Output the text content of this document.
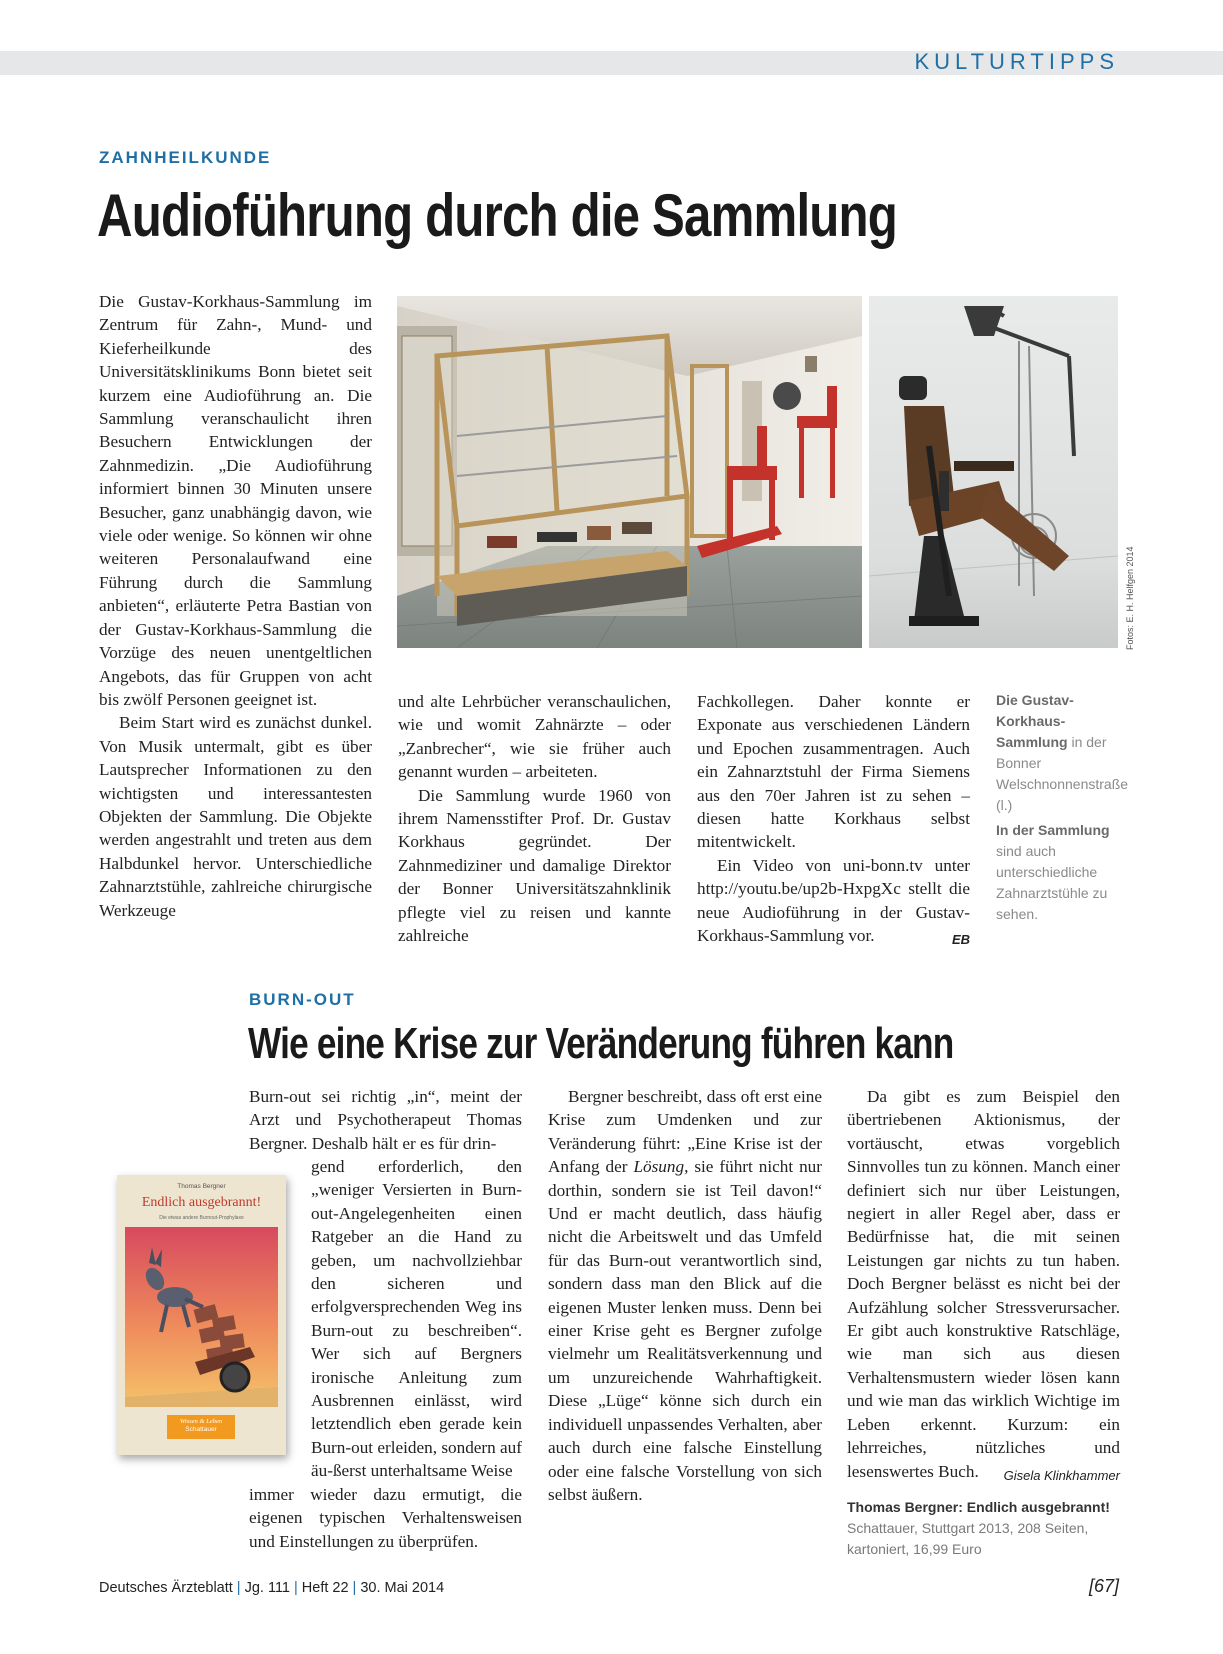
KULTURTIPPS
ZAHNHEILKUNDE
Audioführung durch die Sammlung

Die Gustav-Korkhaus-Sammlung im Zentrum für Zahn-, Mund- und Kieferheilkunde des Universitätsklinikums Bonn bietet seit kurzem eine Audioführung an. Die Sammlung veranschaulicht ihren Besuchern Entwicklungen der Zahnmedizin. „Die Audioführung informiert binnen 30 Minuten unsere Besucher, ganz unabhängig davon, wie viele oder wenige. So können wir ohne weiteren Personalaufwand eine Führung durch die Sammlung anbieten“, erläuterte Petra Bastian von der Gustav-Korkhaus-Sammlung die Vorzüge des neuen unentgeltlichen Angebots, das für Gruppen von acht bis zwölf Personen geeignet ist.

Beim Start wird es zunächst dunkel. Von Musik untermalt, gibt es über Lautsprecher Informationen zu den wichtigsten und interessantesten Objekten der Sammlung. Die Objekte werden angestrahlt und treten aus dem Halbdunkel hervor. Unterschiedliche Zahnarztstühle, zahlreiche chirurgische Werkzeuge

Fotos: E. H. Helfgen 2014

und alte Lehrbücher veranschaulichen, wie und womit Zahnärzte – oder „Zanbrecher“, wie sie früher auch genannt wurden – arbeiteten.

Die Sammlung wurde 1960 von ihrem Namensstifter Prof. Dr. Gustav Korkhaus gegründet. Der Zahnmediziner und damalige Direktor der Bonner Universitätszahnklinik pflegte viel zu reisen und kannte zahlreiche

Fachkollegen. Daher konnte er Exponate aus verschiedenen Ländern und Epochen zusammentragen. Auch ein Zahnarztstuhl der Firma Siemens aus den 70er Jahren ist zu sehen – diesen hatte Korkhaus selbst mitentwickelt.

Ein Video von uni-bonn.tv unter http://youtu.be/up2b-HxpgXc stellt die neue Audioführung in der Gustav-Korkhaus-Sammlung vor.	EB

Die Gustav-Korkhaus-Sammlung in der Bonner Welschnonnenstraße (l.)
In der Sammlung sind auch unterschiedliche Zahnarztstühle zu sehen.
BURN-OUT
Wie eine Krise zur Veränderung führen kann
Burn-out sei richtig „in“, meint der Arzt und Psychotherapeut Thomas Bergner. Deshalb hält er es für drin-
gend erforderlich, den „weniger Versierten in Burn-out-Angelegenheiten einen Ratgeber an die Hand zu geben, um nachvollziehbar den sicheren und erfolgversprechenden Weg ins Burn-out zu beschreiben“. Wer sich auf Bergners ironische Anleitung zum Ausbrennen einlässt, wird letztendlich eben gerade kein Burn-out erleiden, sondern auf äu-ßerst unterhaltsame Weise
immer wieder dazu ermutigt, die eigenen typischen Verhaltensweisen und Einstellungen zu überprüfen.
Thomas Bergner
Endlich ausgebrannt!
Die etwas andere Burnout-Prophylaxe
Wissen & Leben
Schattauer

Bergner beschreibt, dass oft erst eine Krise zum Umdenken und zur Veränderung führt: „Eine Krise ist der Anfang der Lösung, sie führt nicht nur dorthin, sondern sie ist Teil davon!“ Und er macht deutlich, dass häufig nicht die Arbeitswelt und das Umfeld für das Burn-out verantwortlich sind, sondern dass man den Blick auf die eigenen Muster lenken muss. Denn bei einer Krise geht es Bergner zufolge vielmehr um Realitätsverkennung und um unzureichende Wahrhaftigkeit. Diese „Lüge“ könne sich durch ein individuell unpassendes Verhalten, aber auch durch eine falsche Einstellung oder eine falsche Vorstellung von sich selbst äußern.

Da gibt es zum Beispiel den übertriebenen Aktionismus, der vortäuscht, etwas vorgeblich Sinnvolles tun zu können. Manch einer definiert sich nur über Leistungen, negiert in aller Regel aber, dass er Bedürfnisse hat, die mit seinen Leistungen gar nichts zu tun haben. Doch Bergner belässt es nicht bei der Aufzählung solcher Stressverursacher. Er gibt auch konstruktive Ratschläge, wie man sich aus diesen Verhaltensmustern wieder lösen kann und wie man das wirklich Wichtige im Leben erkennt. Kurzum: ein lehrreiches, nützliches und lesenswertes Buch.	Gisela Klinkhammer

Thomas Bergner: Endlich ausgebrannt! Schattauer, Stuttgart 2013, 208 Seiten, kartoniert, 16,99 Euro
Deutsches Ärzteblatt | Jg. 111 | Heft 22 | 30. Mai 2014	[67]
